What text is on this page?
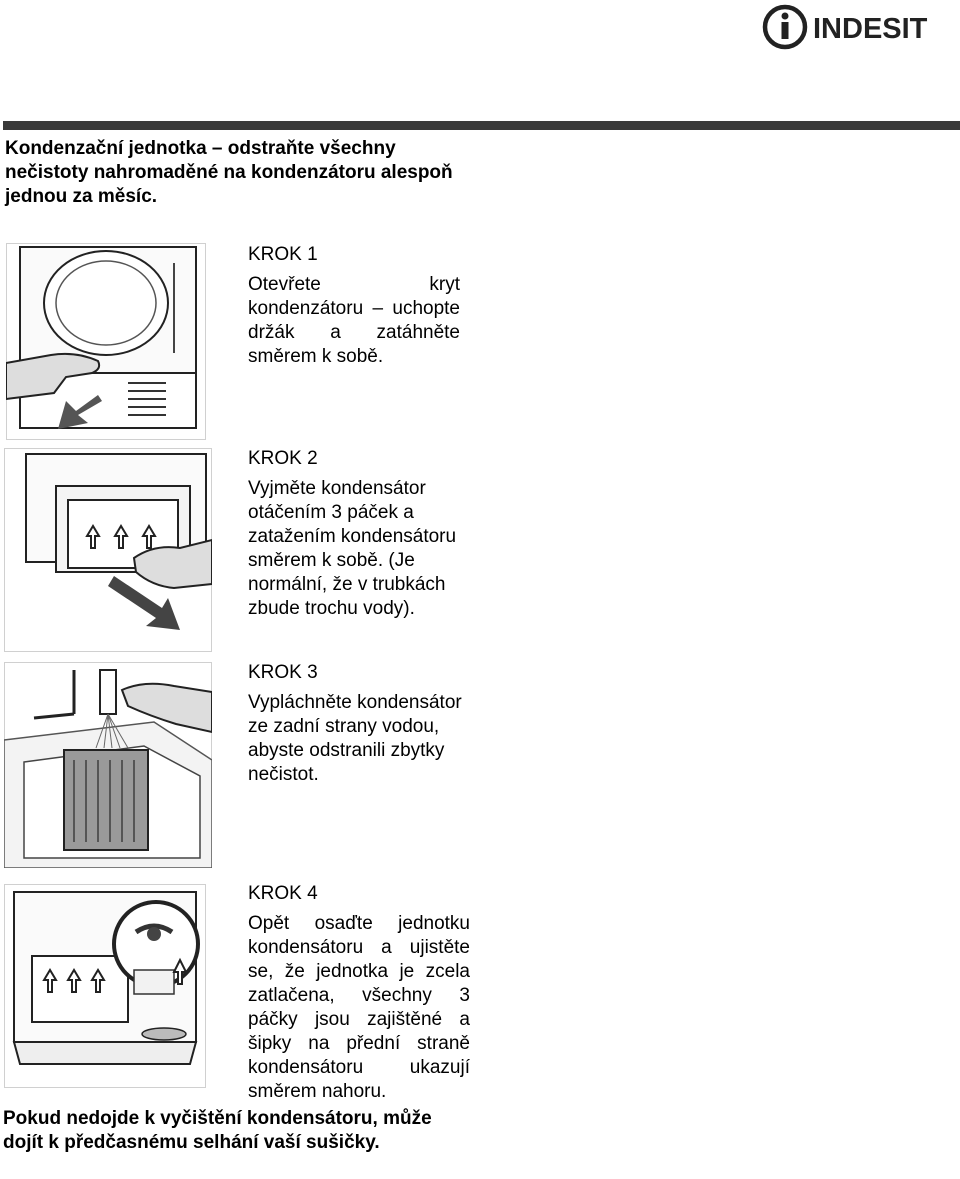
INDESIT
Kondenzační jednotka – odstraňte všechny nečistoty nahromaděné na kondenzátoru alespoň jednou za měsíc.

KROK 1

Otevřete kryt kondenzátoru – uchopte držák a zatáhněte směrem k sobě.

KROK 2

Vyjměte kondensátor otáčením 3 páček a zatažením kondensátoru směrem k sobě. (Je normální, že v trubkách zbude trochu vody).

KROK 3

Vypláchněte kondensátor ze zadní strany vodou, abyste odstranili zbytky nečistot.

KROK 4

Opět osaďte jednotku kondensátoru a ujistěte se, že jednotka je zcela zatlačena, všechny 3 páčky jsou zajištěné a šipky na přední straně kondensátoru ukazují směrem nahoru.

Pokud nedojde k vyčištění kondensátoru, může dojít k předčasnému selhání vaší sušičky.
